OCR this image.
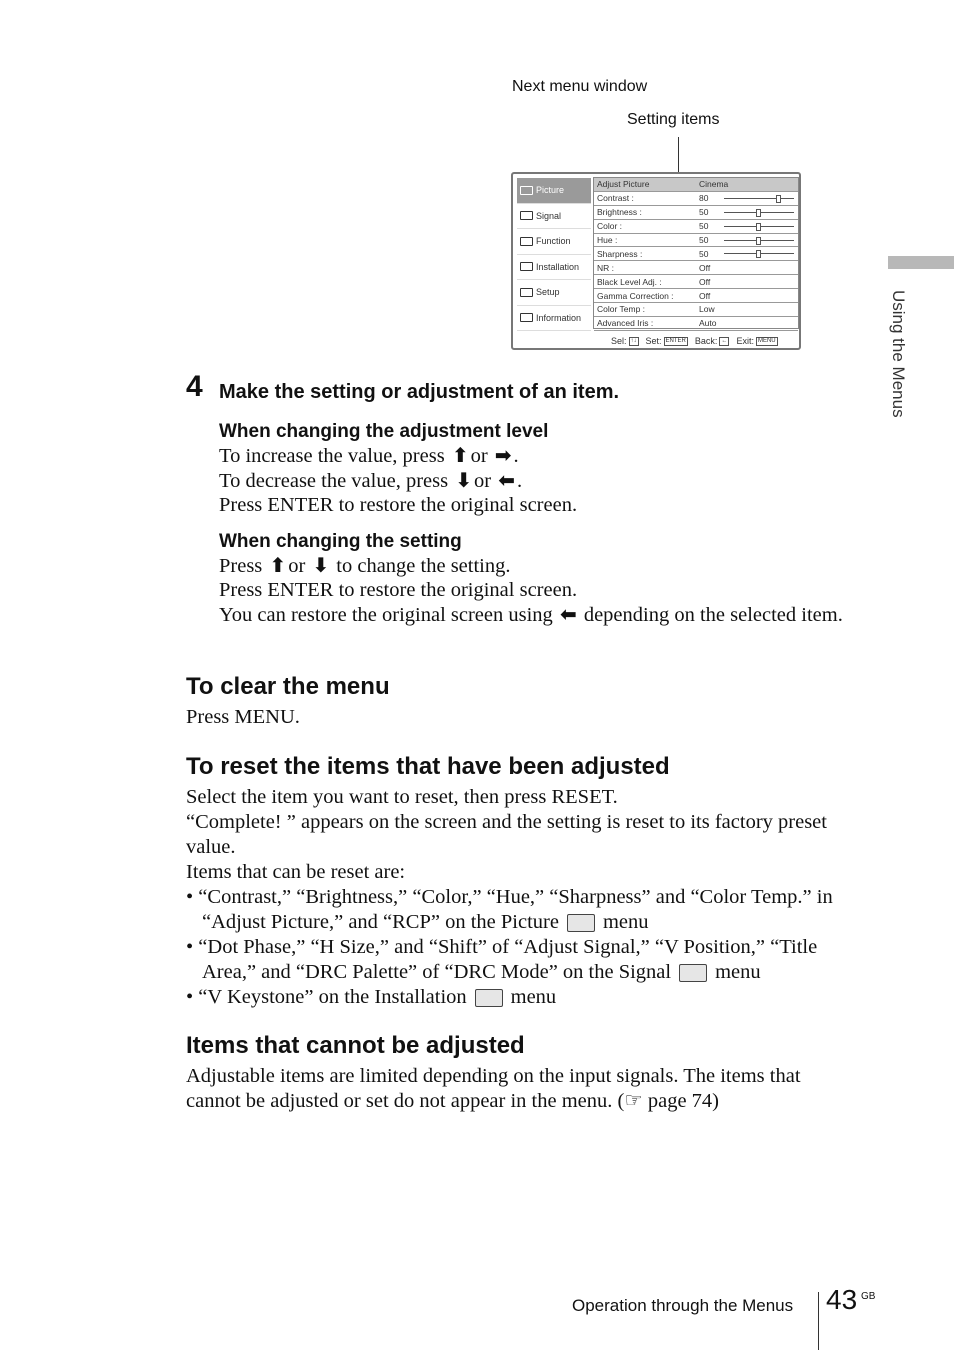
Using the Menus
Next menu window
Setting items
Picture
Signal
Function
Installation
Setup
Information
Adjust Picture	Cinema
Contrast :	80
Brightness :	50
Color :	50
Hue :	50
Sharpness :	50
NR :	Off
Black Level Adj. :	Off
Gamma Correction :	Off
Color Temp :	Low
Advanced Iris :	Auto
Sel: ↑↓ Set: ENTER Back: ← Exit: MENU
4 Make the setting or adjustment of an item.
When changing the adjustment level
To increase the value, press ⬆or ➡.
To decrease the value, press ⬇or ⬅.
Press ENTER to restore the original screen.
When changing the setting
Press ⬆or ⬇ to change the setting.
Press ENTER to restore the original screen.
You can restore the original screen using ⬅ depending on the selected item.
To clear the menu
Press MENU.
To reset the items that have been adjusted
Select the item you want to reset, then press RESET.
“Complete! ” appears on the screen and the setting is reset to its factory preset value.
Items that can be reset are:
• “Contrast,” “Brightness,” “Color,” “Hue,” “Sharpness” and “Color Temp.” in “Adjust Picture,” and “RCP” on the Picture menu
• “Dot Phase,” “H Size,” and “Shift” of “Adjust Signal,” “V Position,” “Title Area,” and “DRC Palette” of “DRC Mode” on the Signal menu
• “V Keystone” on the Installation menu
Items that cannot be adjusted
Adjustable items are limited depending on the input signals. The items that cannot be adjusted or set do not appear in the menu. (☞ page 74)
Operation through the Menus 43 GB
